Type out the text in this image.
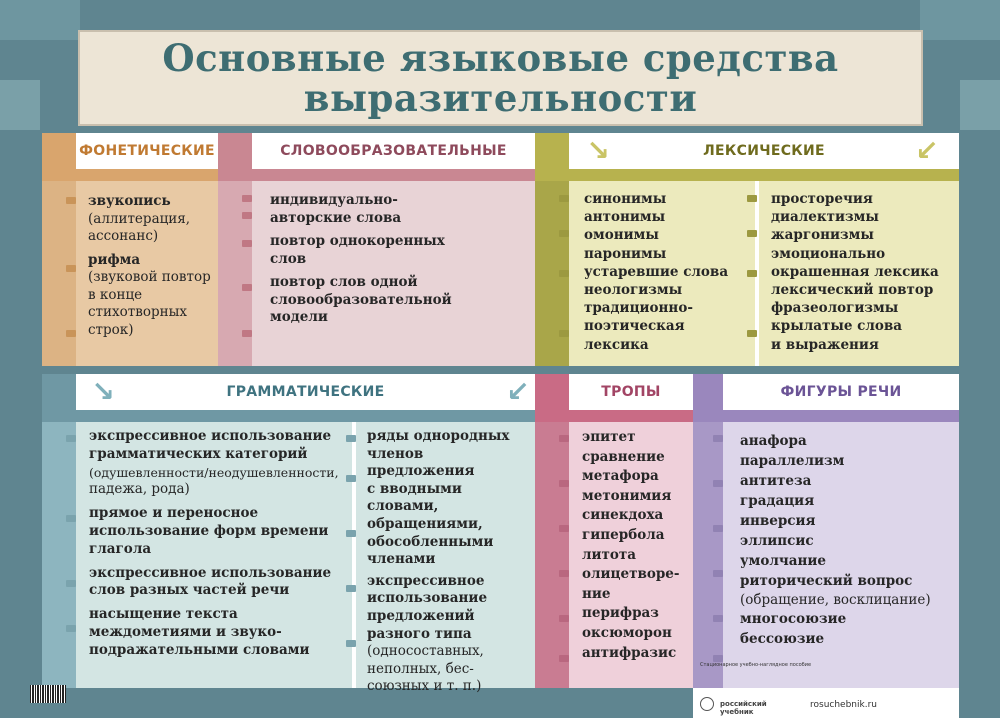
Основные языковые средства
выразительности
ФОНЕТИЧЕСКИЕ	СЛОВООБРАЗОВАТЕЛЬНЫЕ	ЛЕКСИЧЕСКИЕ
↘	↙
звукопись
(аллитерация,
ассонанс)
рифма
(звуковой повтор
в конце
стихотворных
строк)
индивидуально-
авторские слова
повтор однокоренных
слов
повтор слов одной
словообразовательной
модели
синонимы
антонимы
омонимы
паронимы
устаревшие слова
неологизмы
традиционно-
поэтическая
лексика
просторечия
диалектизмы
жаргонизмы
эмоционально
окрашенная лексика
лексический повтор
фразеологизмы
крылатые слова
и выражения
ГРАММАТИЧЕСКИЕ
↘	↙	ТРОПЫ	ФИГУРЫ РЕЧИ
экспрессивное использование
грамматических категорий
(одушевленности/неодушевленности,
падежа, рода)
прямое и переносное
использование форм времени
глагола
экспрессивное использование
слов разных частей речи
насыщение текста
междометиями и звуко-
подражательными словами
ряды однородных
членов предложения
с вводными словами,
обращениями,
обособленными
членами
экспрессивное
использование
предложений
разного типа
(односоставных,
неполных, бес-
союзных и т. п.)
эпитет
сравнение
метафора
метонимия
синекдоха
гипербола
литота
олицетворе-
ние
перифраз
оксюморон
антифразис
анафора
параллелизм
антитеза
градация
инверсия
эллипсис
умолчание
риторический вопрос
(обращение, восклицание)
многосоюзие
бессоюзие
Стационарное учебно-наглядное пособие
российский учебник
rosuchebnik.ru
